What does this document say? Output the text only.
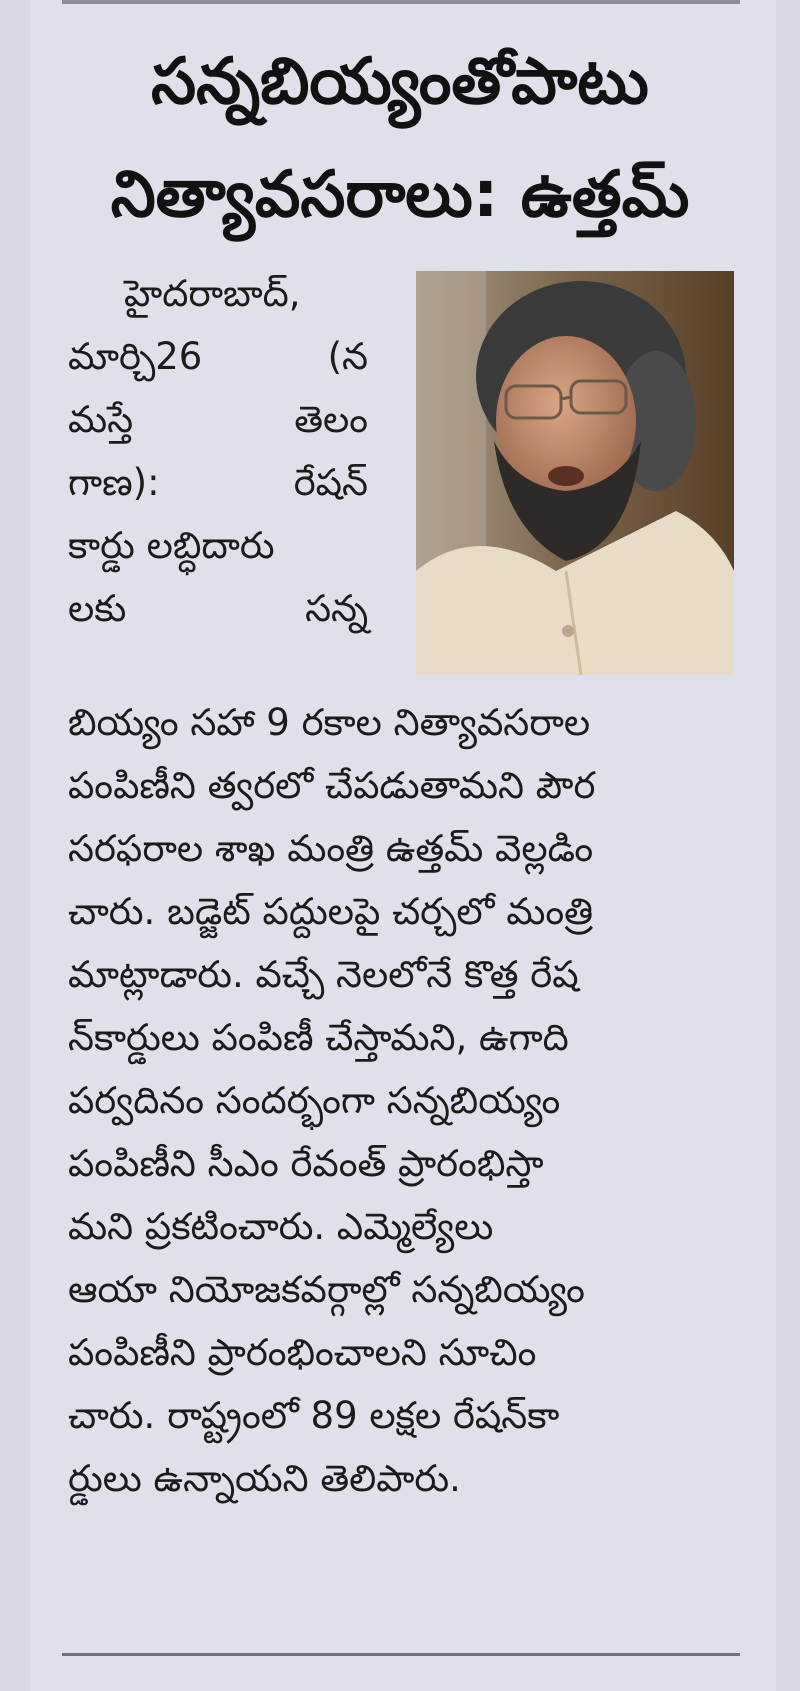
సన్నబియ్యంతోపాటు
నిత్యావసరాలు: ఉత్తమ్
హైదరాబాద్,
మార్చి26	(న
మస్తే	తెలం
గాణ):	రేషన్
కార్డు లబ్ధిదారు
లకు	సన్న
బియ్యం సహా 9 రకాల నిత్యావసరాల
పంపిణీని త్వరలో చేపడుతామని పౌర
సరఫరాల శాఖ మంత్రి ఉత్తమ్ వెల్లడిం
చారు. బడ్జెట్ పద్దులపై చర్చలో మంత్రి
మాట్లాడారు. వచ్చే నెలలోనే కొత్త రేష
న్‌కార్డులు పంపిణీ చేస్తామని, ఉగాది
పర్వదినం సందర్భంగా సన్నబియ్యం
పంపిణీని సీఎం రేవంత్ ప్రారంభిస్తా
మని ప్రకటించారు. ఎమ్మెల్యేలు
ఆయా నియోజకవర్గాల్లో సన్నబియ్యం
పంపిణీని ప్రారంభించాలని సూచిం
చారు. రాష్ట్రంలో 89 లక్షల రేషన్‌కా
ర్డులు ఉన్నాయని తెలిపారు.
